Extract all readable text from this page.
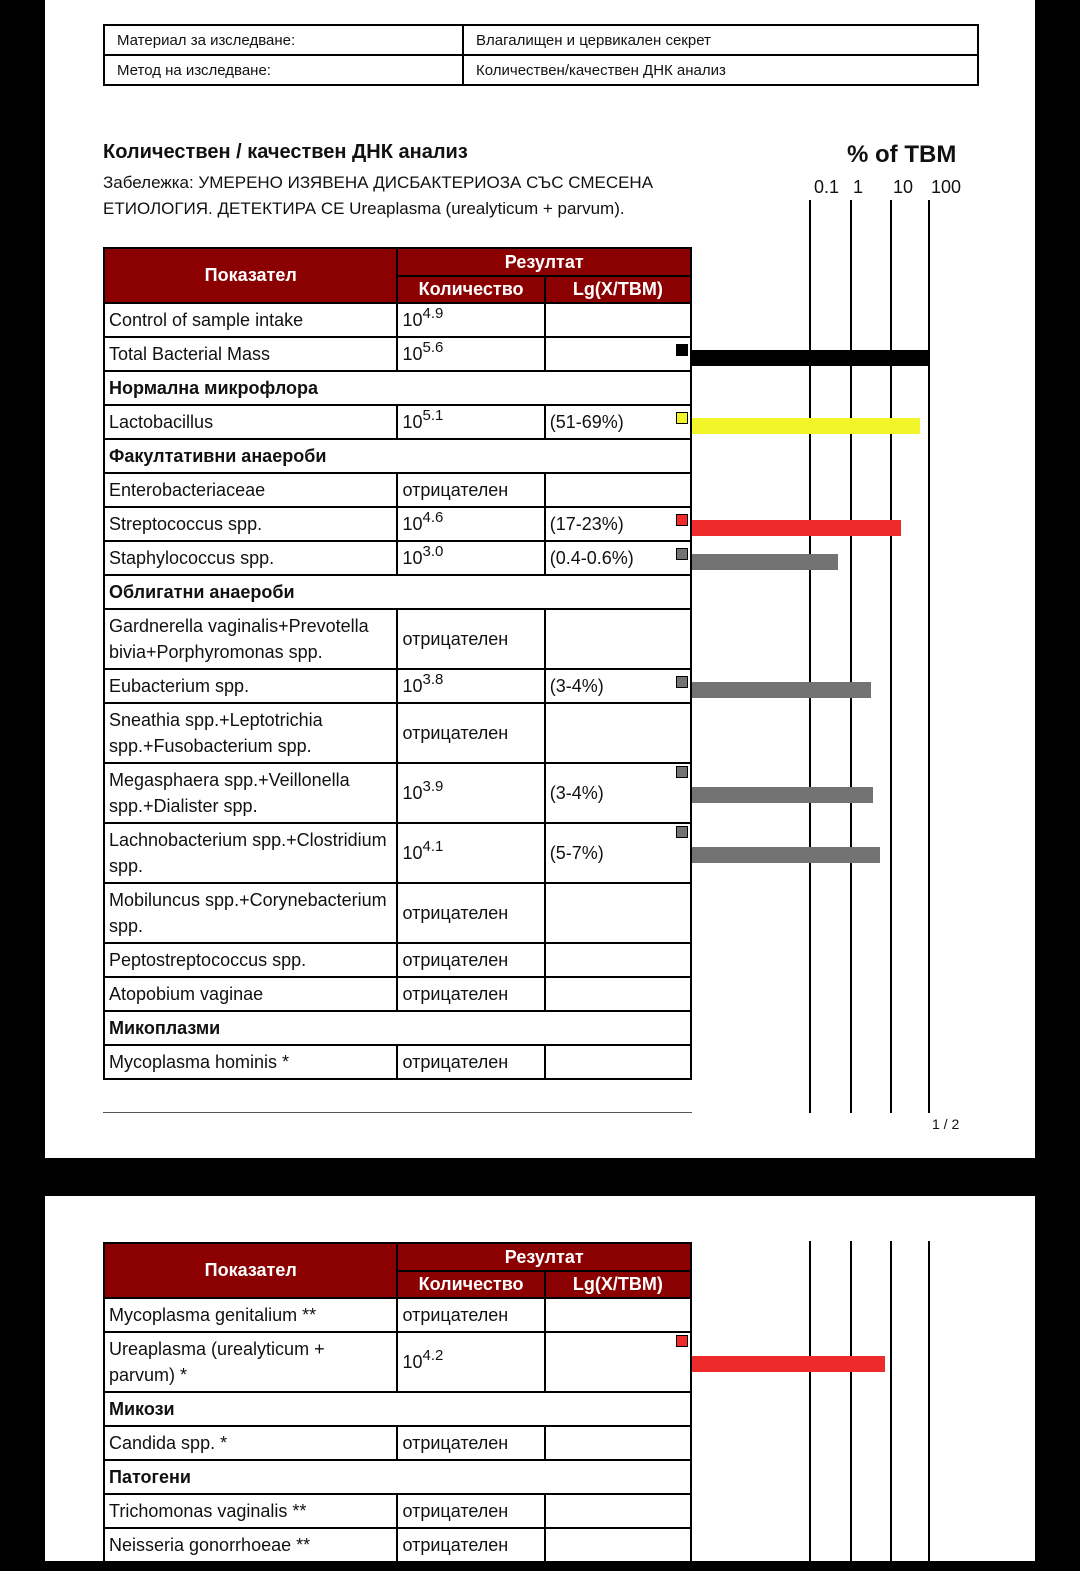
Материал за изследване:	Влагалищен и цервикален секрет
Метод на изследване:	Количествен/качествен ДНК анализ
Количествен / качествен ДНК анализ
Забележка: УМЕРЕНО ИЗЯВЕНА ДИСБАКТЕРИОЗА СЪС СМЕСЕНА ЕТИОЛОГИЯ. ДЕТЕКТИРА СЕ Ureaplasma (urealyticum + parvum).
% of TBM
0.1 1 10 100
Показател	Резултат	
	Количество	Lg(X/TBM)
Control of sample intake	$10^{4.9}$	
Total Bacterial Mass	$10^{5.6}$	

Нормална микрофлора		
Lactobacillus	$10^{5.1}$	(51-69%)

Факултативни анаероби		
Enterobacteriaceae	отрицателен	
Streptococcus spp.	$10^{4.6}$	(17-23%)

Staphylococcus spp.	$10^{3.0}$	(0.4-0.6%)

Облигатни анаероби		
Gardnerella vaginalis+Prevotella bivia+Porphyromonas spp.	отрицателен	
Eubacterium spp.	$10^{3.8}$	(3-4%)

Sneathia spp.+Leptotrichia spp.+Fusobacterium spp.	отрицателен	
Megasphaera spp.+Veillonella spp.+Dialister spp.	$10^{3.9}$	(3-4%)

Lachnobacterium spp.+Clostridium spp.	$10^{4.1}$	(5-7%)

Mobiluncus spp.+Corynebacterium spp.	отрицателен	
Peptostreptococcus spp.	отрицателен	
Atopobium vaginae	отрицателен	
Микоплазми		
Mycoplasma hominis *	отрицателен	
1 / 2
Показател	Резултат	
	Количество	Lg(X/TBM)
Mycoplasma genitalium **	отрицателен	
Ureaplasma (urealyticum + parvum) *	$10^{4.2}$	

Микози		
Candida spp. *	отрицателен	
Патогени		
Trichomonas vaginalis **	отрицателен	
Neisseria gonorrhoeae **	отрицателен	
